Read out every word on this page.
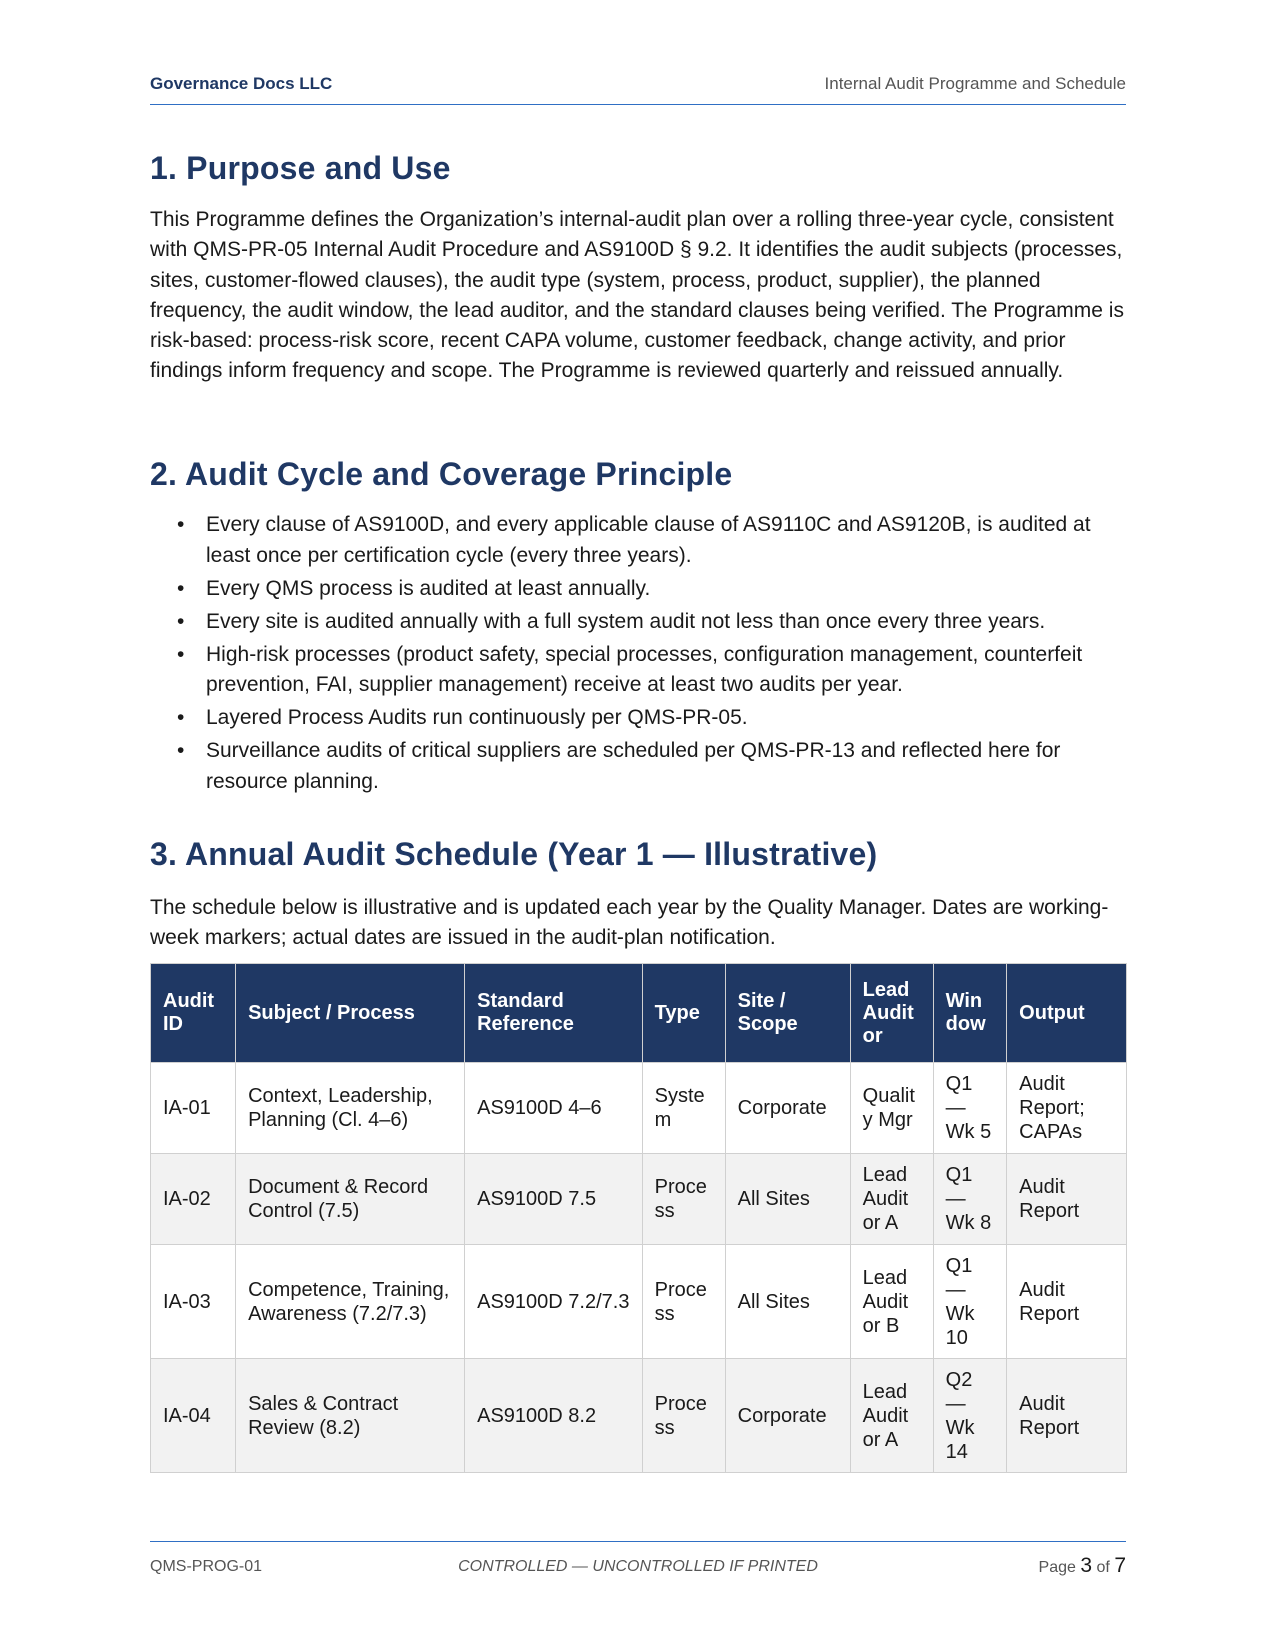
Governance Docs LLC	Internal Audit Programme and Schedule
1. Purpose and Use

This Programme defines the Organization’s internal-audit plan over a rolling three-year cycle, consistent with QMS-PR-05 Internal Audit Procedure and AS9100D § 9.2. It identifies the audit subjects (processes, sites, customer-flowed clauses), the audit type (system, process, product, supplier), the planned frequency, the audit window, the lead auditor, and the standard clauses being verified. The Programme is risk-based: process-risk score, recent CAPA volume, customer feedback, change activity, and prior findings inform frequency and scope. The Programme is reviewed quarterly and reissued annually.

2. Audit Cycle and Coverage Principle
• Every clause of AS9100D, and every applicable clause of AS9110C and AS9120B, is audited at least once per certification cycle (every three years).
• Every QMS process is audited at least annually.
• Every site is audited annually with a full system audit not less than once every three years.
• High-risk processes (product safety, special processes, configuration management, counterfeit prevention, FAI, supplier management) receive at least two audits per year.
• Layered Process Audits run continuously per QMS-PR-05.
• Surveillance audits of critical suppliers are scheduled per QMS-PR-13 and reflected here for resource planning.
3. Annual Audit Schedule (Year 1 — Illustrative)

The schedule below is illustrative and is updated each year by the Quality Manager. Dates are working-week markers; actual dates are issued in the audit-plan notification.

Audit ID	Subject / Process	Standard Reference	Type	Site / Scope	Lead Audit or	Win dow	Output
IA-01	Context, Leadership, Planning (Cl. 4–6)	AS9100D 4–6	Syste m	Corporate	Qualit y Mgr	Q1 — Wk 5	Audit Report; CAPAs
IA-02	Document & Record Control (7.5)	AS9100D 7.5	Proce ss	All Sites	Lead Audit or A	Q1 — Wk 8	Audit Report
IA-03	Competence, Training, Awareness (7.2/7.3)	AS9100D 7.2/7.3	Proce ss	All Sites	Lead Audit or B	Q1 — Wk 10	Audit Report
IA-04	Sales & Contract Review (8.2)	AS9100D 8.2	Proce ss	Corporate	Lead Audit or A	Q2 — Wk 14	Audit Report
QMS-PROG-01	CONTROLLED — UNCONTROLLED IF PRINTED	Page 3 of 7
